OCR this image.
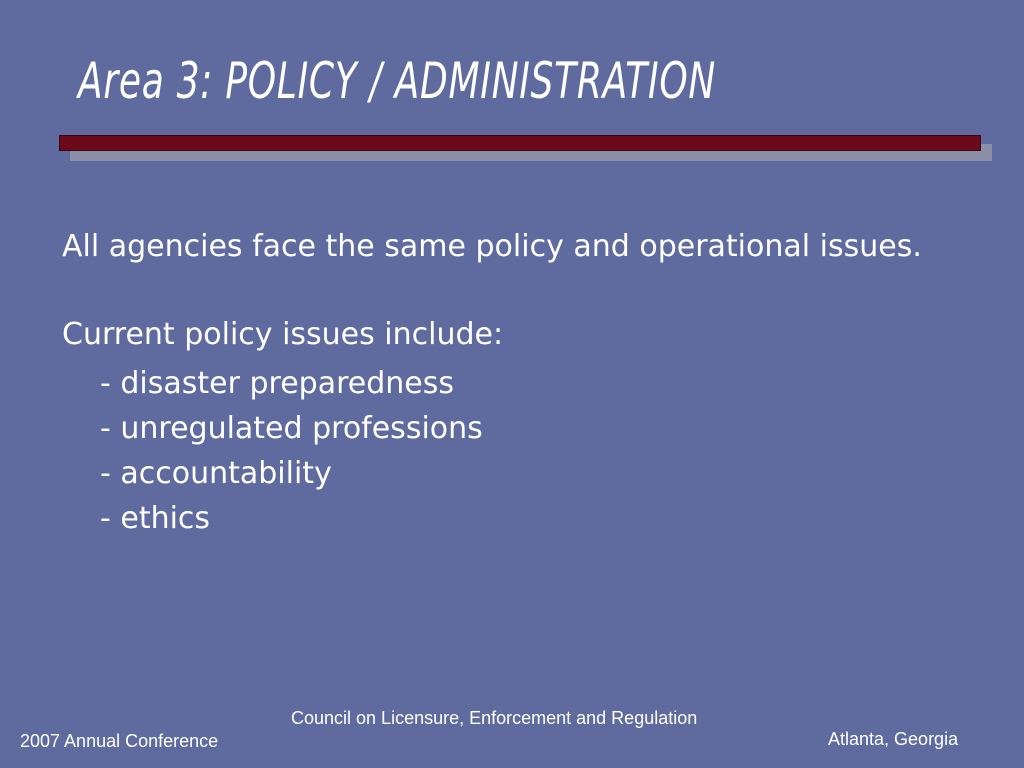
Area 3: POLICY / ADMINISTRATION

All agencies face the same policy and operational issues.

Current policy issues include:

- disaster preparedness

- unregulated professions

- accountability

- ethics

2007 Annual Conference
Council on Licensure, Enforcement and Regulation
Atlanta, Georgia
